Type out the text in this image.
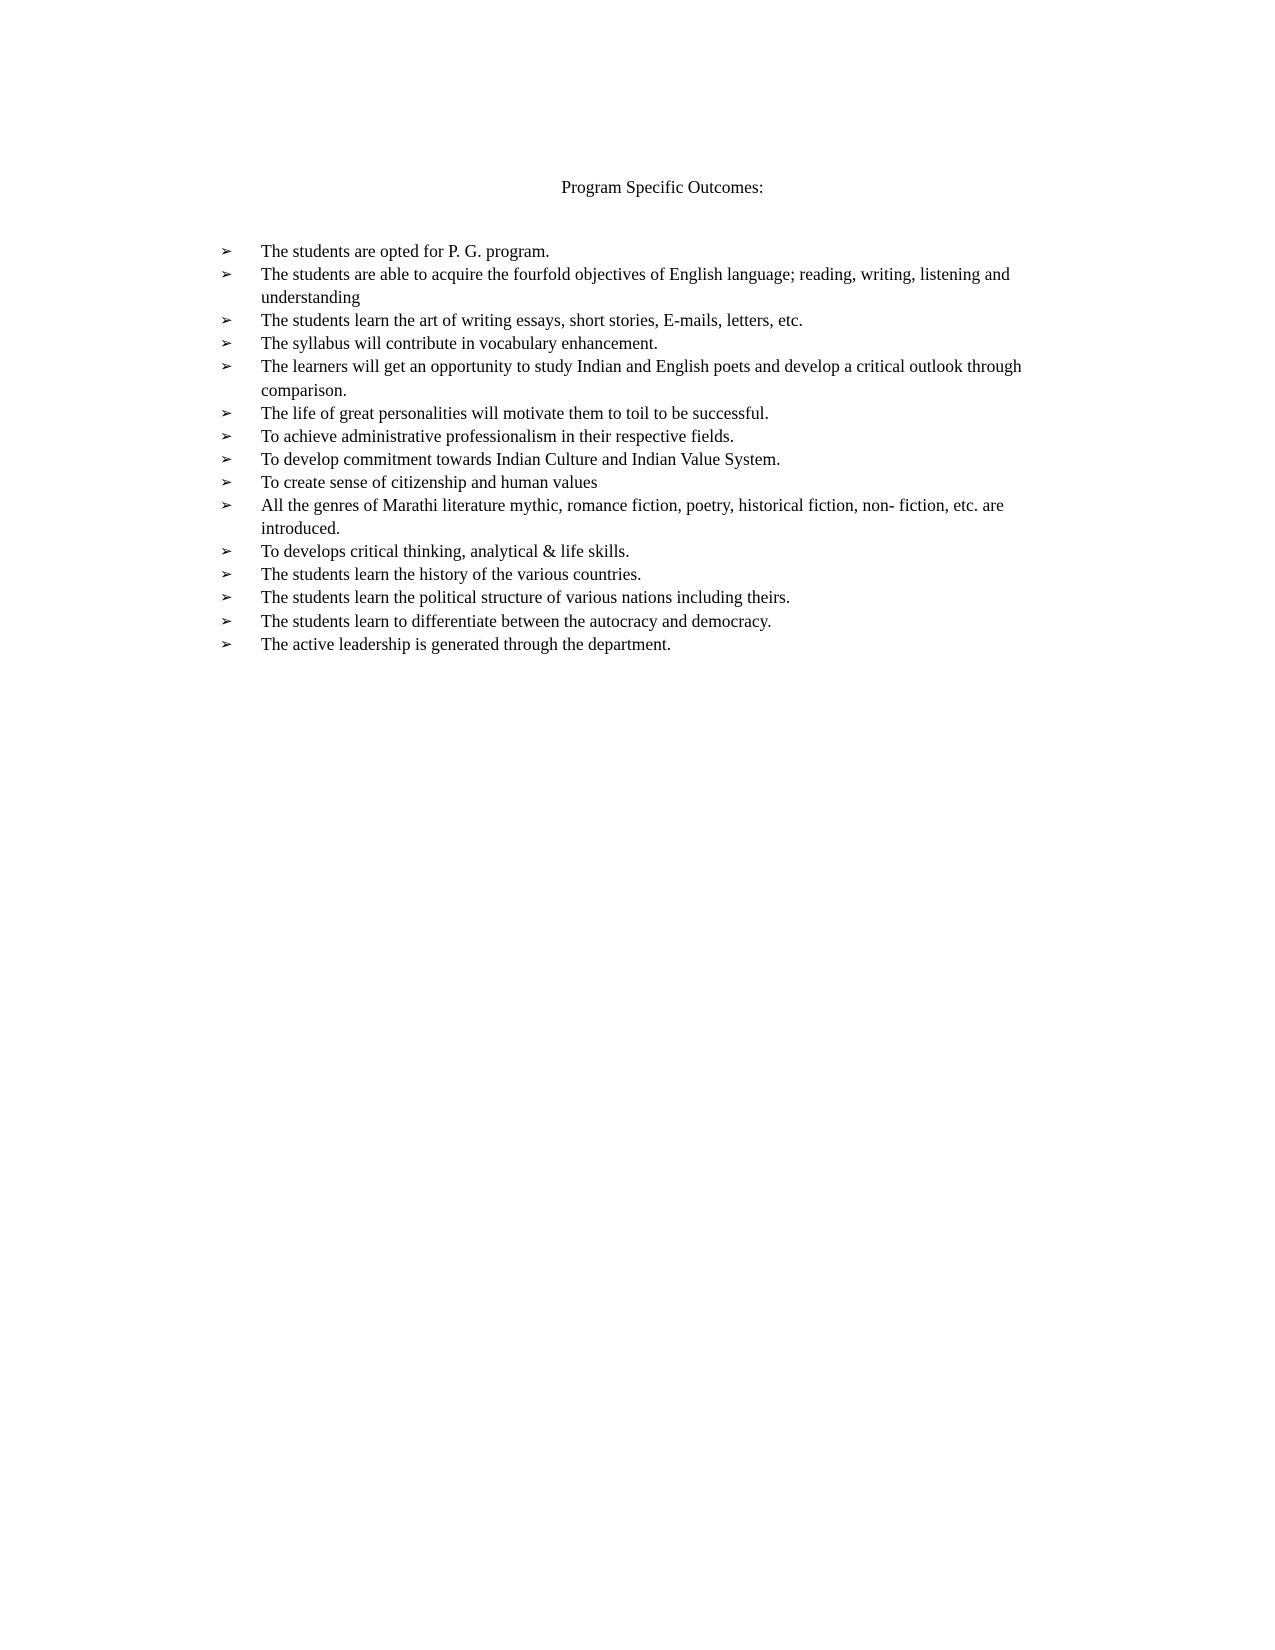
Program Specific Outcomes:
➢	The students are opted for P. G. program.
➢	The students are able to acquire the fourfold objectives of English language; reading, writing, listening and understanding
➢	The students learn the art of writing essays, short stories, E-mails, letters, etc.
➢	The syllabus will contribute in vocabulary enhancement.
➢	The learners will get an opportunity to study Indian and English poets and develop a critical outlook through comparison.
➢	The life of great personalities will motivate them to toil to be successful.
➢	To achieve administrative professionalism in their respective fields.
➢	To develop commitment towards Indian Culture and Indian Value System.
➢	To create sense of citizenship and human values
➢	All the genres of Marathi literature mythic, romance fiction, poetry, historical fiction, non- fiction, etc. are introduced.
➢	To develops critical thinking, analytical & life skills.
➢	The students learn the history of the various countries.
➢	The students learn the political structure of various nations including theirs.
➢	The students learn to differentiate between the autocracy and democracy.
➢	The active leadership is generated through the department.
